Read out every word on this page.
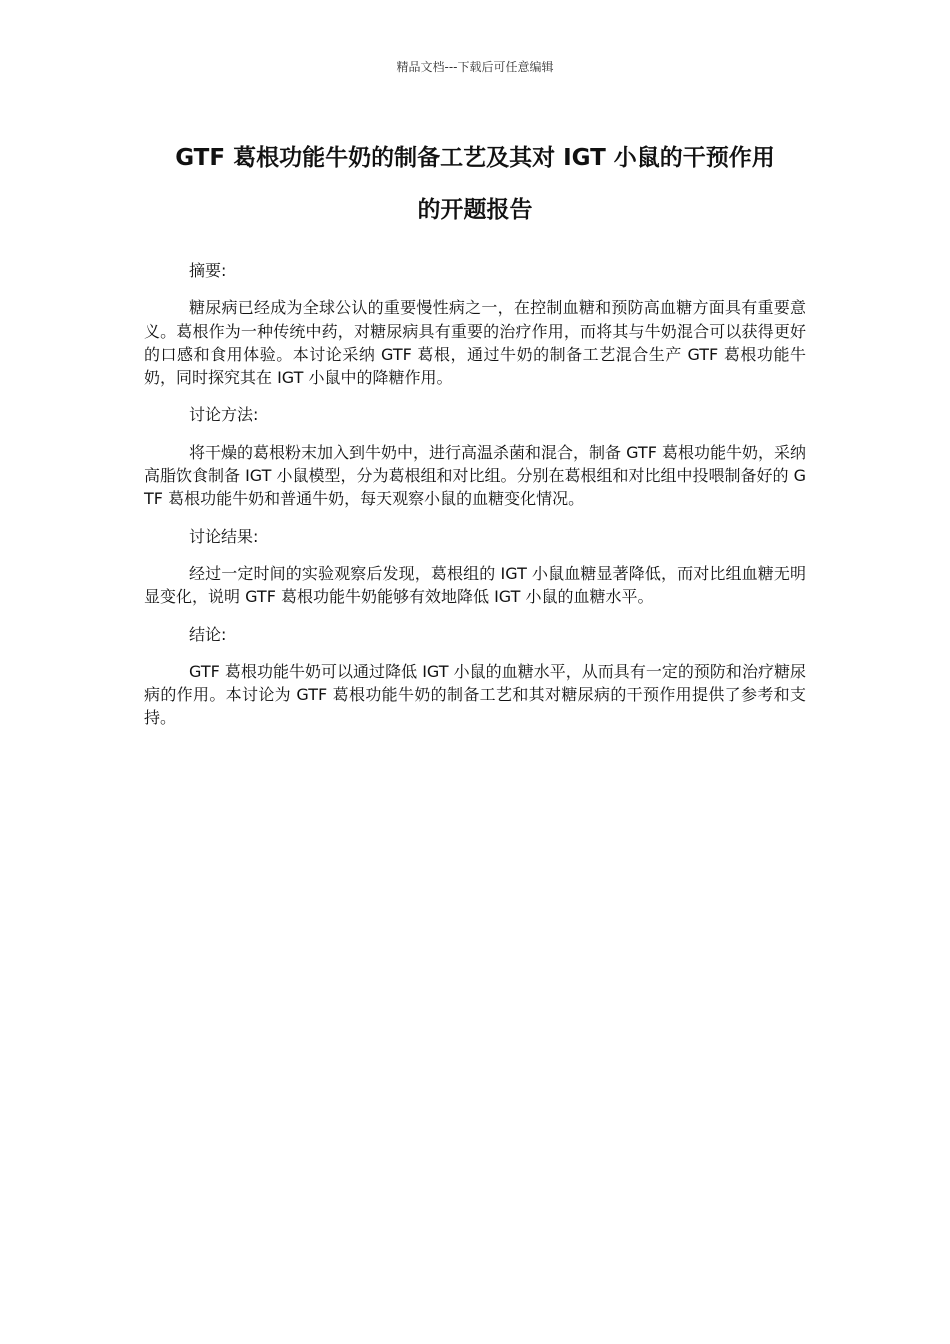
精品文档---下载后可任意编辑
GTF 葛根功能牛奶的制备工艺及其对 IGT 小鼠的干预作用
的开题报告
摘要:
糖尿病已经成为全球公认的重要慢性病之一，在控制血糖和预防高血糖方面具有重要意义。葛根作为一种传统中药，对糖尿病具有重要的治疗作用，而将其与牛奶混合可以获得更好的口感和食用体验。本讨论采纳 GTF 葛根，通过牛奶的制备工艺混合生产 GTF 葛根功能牛奶，同时探究其在 IGT 小鼠中的降糖作用。
讨论方法:
将干燥的葛根粉末加入到牛奶中，进行高温杀菌和混合，制备 GTF 葛根功能牛奶，采纳高脂饮食制备 IGT 小鼠模型，分为葛根组和对比组。分别在葛根组和对比组中投喂制备好的 GTF 葛根功能牛奶和普通牛奶，每天观察小鼠的血糖变化情况。
讨论结果:
经过一定时间的实验观察后发现，葛根组的 IGT 小鼠血糖显著降低，而对比组血糖无明显变化，说明 GTF 葛根功能牛奶能够有效地降低 IGT 小鼠的血糖水平。
结论:
GTF 葛根功能牛奶可以通过降低 IGT 小鼠的血糖水平，从而具有一定的预防和治疗糖尿病的作用。本讨论为 GTF 葛根功能牛奶的制备工艺和其对糖尿病的干预作用提供了参考和支持。
